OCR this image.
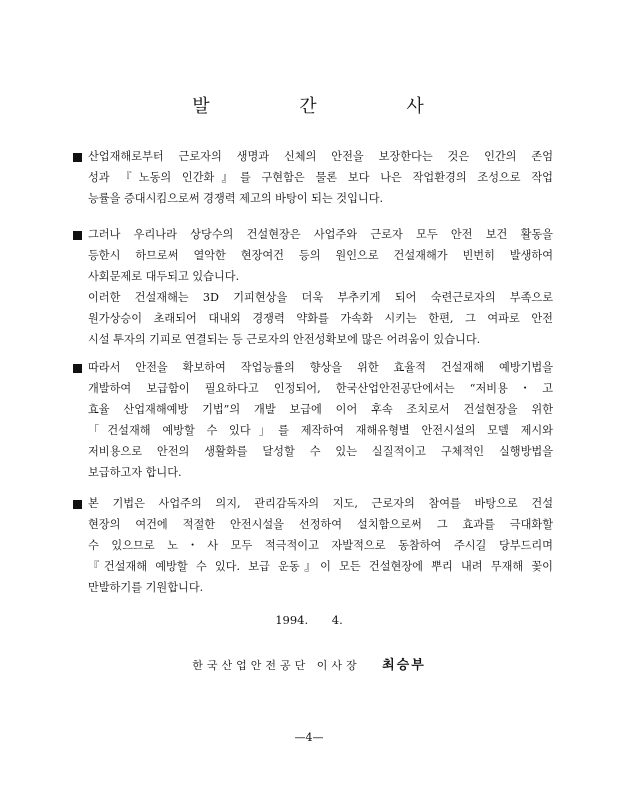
발 간 사
산업재해로부터 근로자의 생명과 신체의 안전을 보장한다는 것은 인간의 존엄
성과 『노동의 인간화』를 구현함은 물론 보다 나은 작업환경의 조성으로 작업
능률을 증대시킴으로써 경쟁력 제고의 바탕이 되는 것입니다.
그러나 우리나라 상당수의 건설현장은 사업주와 근로자 모두 안전 보건 활동을
등한시 하므로써 열악한 현장여건 등의 원인으로 건설재해가 빈번히 발생하여
사회문제로 대두되고 있습니다.
이러한 건설재해는 3D 기피현상을 더욱 부추키게 되어 숙련근로자의 부족으로
원가상승이 초래되어 대내외 경쟁력 약화를 가속화 시키는 한편, 그 여파로 안전
시설 투자의 기피로 연결되는 등 근로자의 안전성확보에 많은 어려움이 있습니다.
따라서 안전을 확보하여 작업능률의 향상을 위한 효율적 건설재해 예방기법을
개발하여 보급함이 필요하다고 인정되어, 한국산업안전공단에서는 “저비용・고
효율 산업재해예방 기법”의 개발 보급에 이어 후속 조치로서 건설현장을 위한
「건설재해 예방할 수 있다」를 제작하여 재해유형별 안전시설의 모델 제시와
저비용으로 안전의 생활화를 달성할 수 있는 실질적이고 구체적인 실행방법을
보급하고자 합니다.
본 기법은 사업주의 의지, 관리감독자의 지도, 근로자의 참여를 바탕으로 건설
현장의 여건에 적절한 안전시설을 선정하여 설치함으로써 그 효과를 극대화할
수 있으므로 노・사 모두 적극적이고 자발적으로 동참하여 주시길 당부드리며
『건설재해 예방할 수 있다. 보급 운동』이 모든 건설현장에 뿌리 내려 무재해 꽃이
만발하기를 기원합니다.
1994. 4.
한국산업안전공단 이사장 최승부
—4—
